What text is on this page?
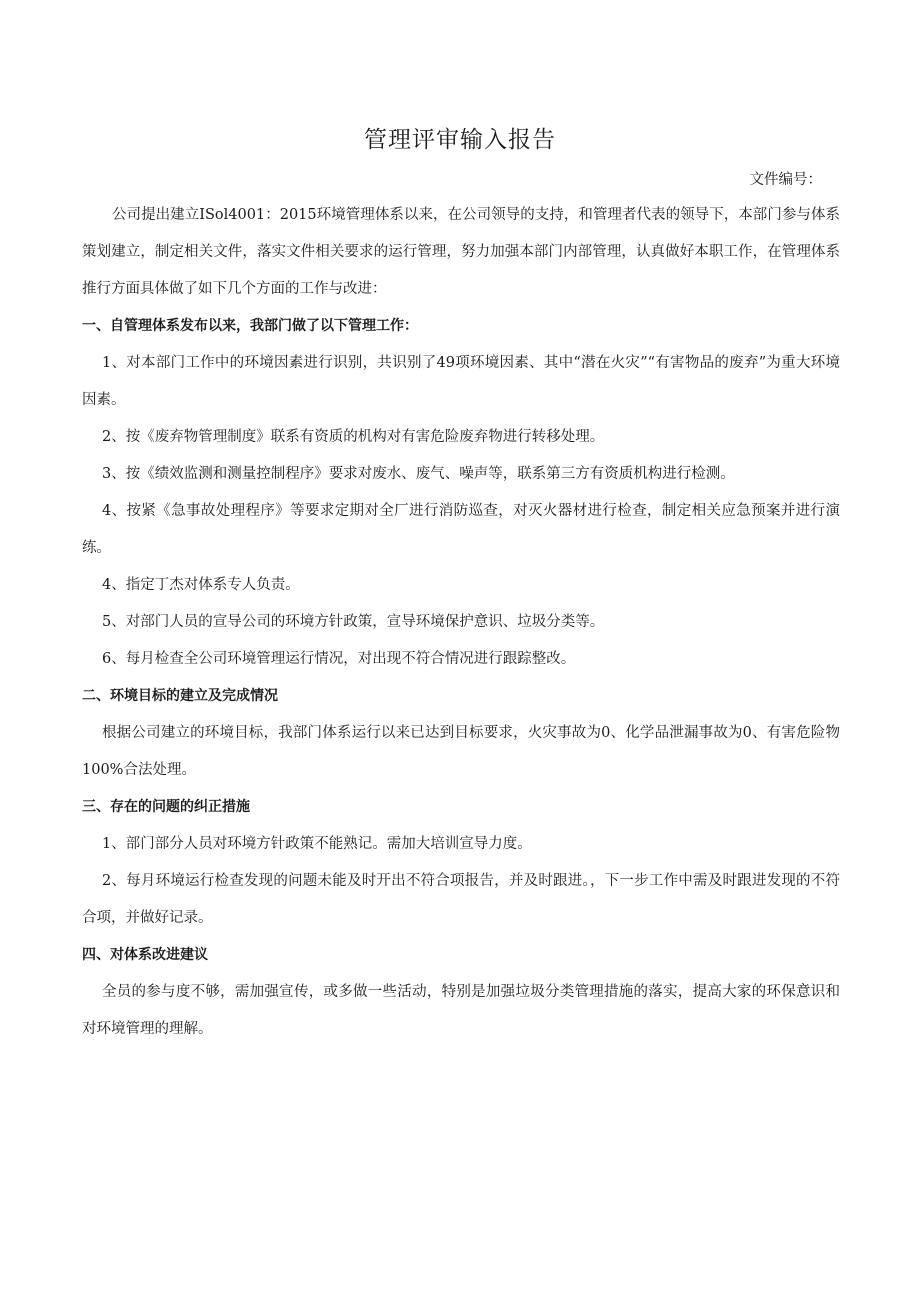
管理评审输入报告
文件编号：

公司提出建立ISol4001：2015环境管理体系以来，在公司领导的支持，和管理者代表的领导下，本部门参与体系策划建立，制定相关文件，落实文件相关要求的运行管理，努力加强本部门内部管理，认真做好本职工作，在管理体系推行方面具体做了如下几个方面的工作与改进：

一、自管理体系发布以来，我部门做了以下管理工作：

1、对本部门工作中的环境因素进行识别，共识别了49项环境因素、其中“潜在火灾”“有害物品的废弃”为重大环境因素。

2、按《废弃物管理制度》联系有资质的机构对有害危险废弃物进行转移处理。

3、按《绩效监测和测量控制程序》要求对废水、废气、噪声等，联系第三方有资质机构进行检测。

4、按紧《急事故处理程序》等要求定期对全厂进行消防巡查，对灭火器材进行检查，制定相关应急预案并进行演练。

4、指定丁杰对体系专人负责。

5、对部门人员的宣导公司的环境方针政策，宣导环境保护意识、垃圾分类等。

6、每月检查全公司环境管理运行情况，对出现不符合情况进行跟踪整改。

二、环境目标的建立及完成情况

根据公司建立的环境目标，我部门体系运行以来已达到目标要求，火灾事故为0、化学品泄漏事故为0、有害危险物100%合法处理。

三、存在的问题的纠正措施

1、部门部分人员对环境方针政策不能熟记。需加大培训宣导力度。

2、每月环境运行检查发现的问题未能及时开出不符合项报告，并及时跟进。，下一步工作中需及时跟进发现的不符合项，并做好记录。

四、对体系改进建议

全员的参与度不够，需加强宣传，或多做一些活动，特别是加强垃圾分类管理措施的落实，提高大家的环保意识和对环境管理的理解。
